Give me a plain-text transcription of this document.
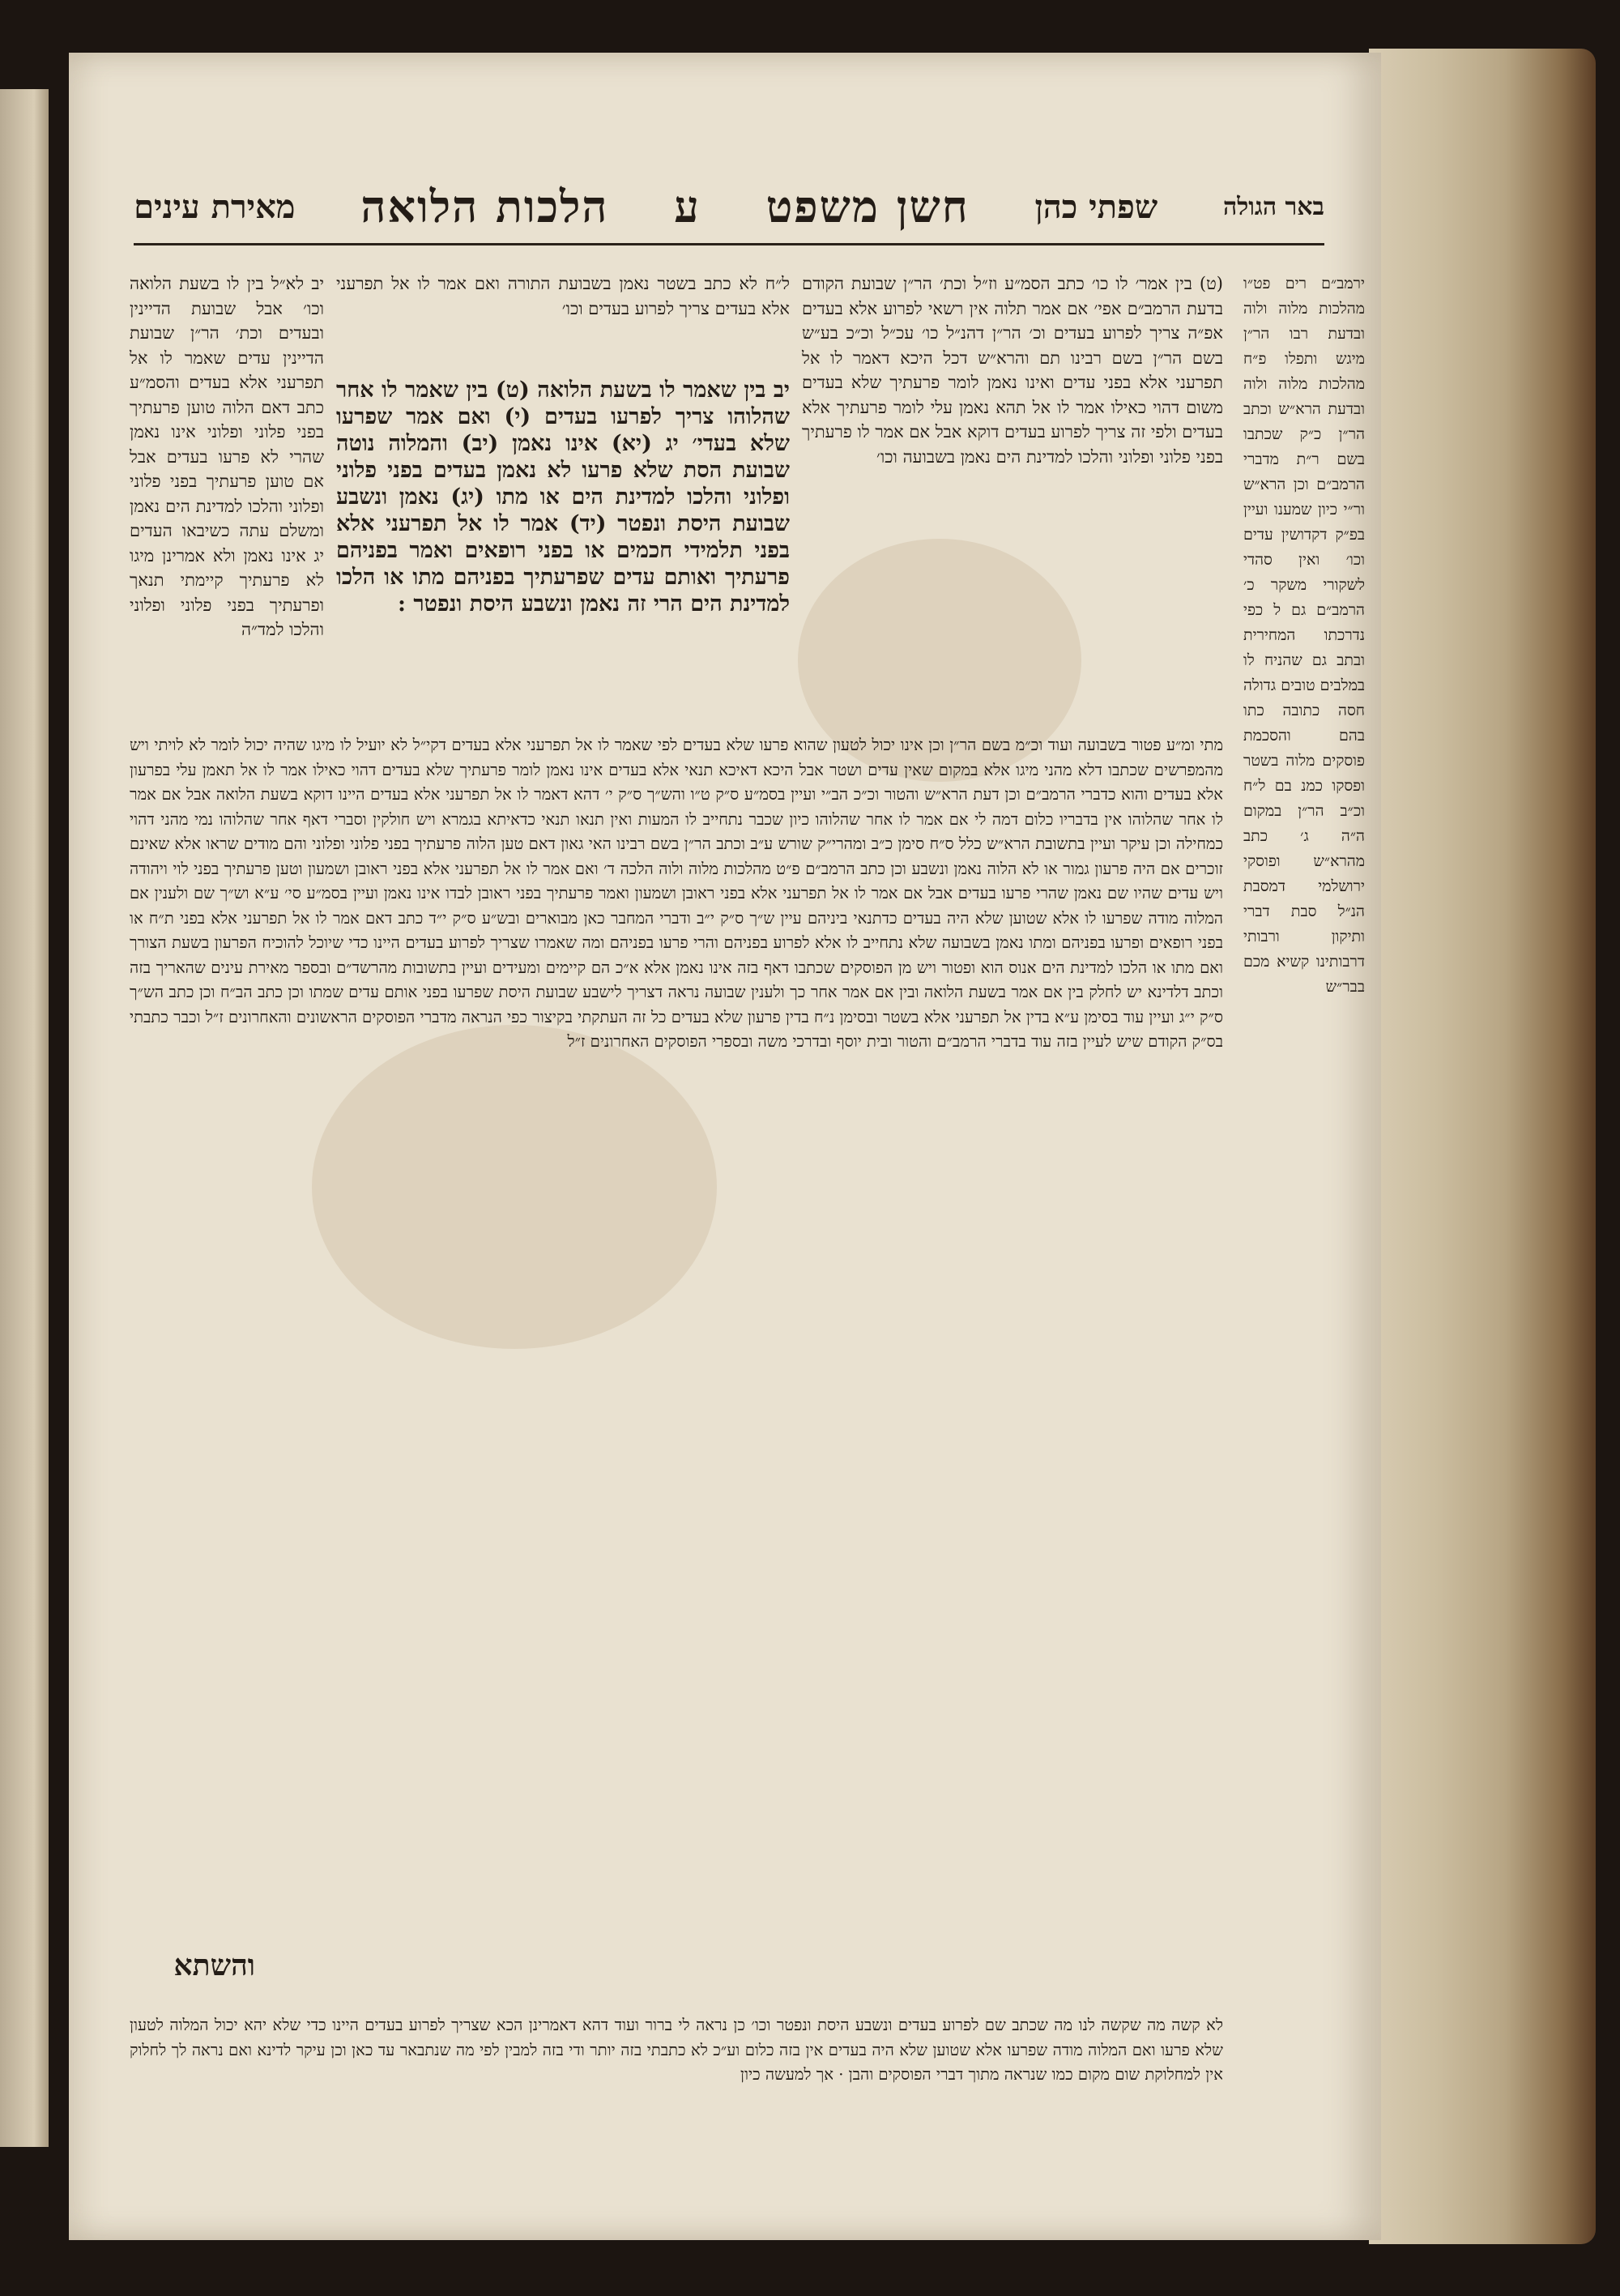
באר הגולה
שפתי כהן
חשן משפט
ע
הלכות הלואה
מאירת עינים
ירמב״ם רים פט״ו מהלכות מלוה ולוה ובדעת רבו הר״ן מיגש ותפלו פ״ח מהלכות מלוה ולוה ובדעת הרא״ש וכתב הר״ן כ״ק שכתבו בשם ר״ת מדברי הרמב״ם וכן הרא״ש ור״י כיון שמענו ועיין בפ״ק דקדושין עדים וכו׳ ואין סהדי לשקורי משקר כ׳ הרמב״ם גם ל כפי נדרכתו המחירית ובתב גם שהניח לו במלבים טובים גדולה חסה כתובה כתו בהם והסכמת פוסקים מלוה בשטר ופסקו כמנ בם ל״ח וכ״ב הר״ן במקום ה״ה ג׳ כתב מהרא״ש ופוסקי ירושלמי דמסבת הנ״ל סבת דברי ותיקון ורבותי דרבותינו קשיא מכם בבר״ש
(ט) בין אמר׳ לו כו׳ כתב הסמ״ע וז״ל וכת׳ הר״ן שבועת הקודם בדעת הרמב״ם אפי׳ אם אמר תלוה אין רשאי לפרוע אלא בעדים אפ״ה צריך לפרוע בעדים וכ׳ הר״ן דהנ״ל כו׳ עכ״ל וכ״כ בע״ש בשם הר״ן בשם רבינו תם והרא״ש דכל היכא דאמר לו אל תפרעני אלא בפני עדים ואינו נאמן לומר פרעתיך שלא בעדים משום דהוי כאילו אמר לו אל תהא נאמן עלי לומר פרעתיך אלא בעדים ולפי זה צריך לפרוע בעדים דוקא אבל אם אמר לו פרעתיך בפני פלוני ופלוני והלכו למדינת הים נאמן בשבועה וכו׳
ל״ח לא כתב בשטר נאמן בשבועת התורה ואם אמר לו אל תפרעני אלא בעדים צריך לפרוע בעדים וכו׳
יב בין שאמר לו בשעת הלואה (ט) בין שאמר לו אחר שהלוהו צריך לפרעו בעדים (י) ואם אמר שפרעו שלא בעדי׳ יג (יא) אינו נאמן (יב) והמלוה נוטה שבועת הסת שלא פרעו לא נאמן בעדים בפני פלוני ופלוני והלכו למדינת הים או מתו (יג) נאמן ונשבע שבועת היסת ונפטר (יד) אמר לו אל תפרעני אלא בפני תלמידי חכמים או בפני רופאים ואמר בפניהם פרעתיך ואותם עדים שפרעתיך בפניהם מתו או הלכו למדינת הים הרי זה נאמן ונשבע היסת ונפטר :
יב לא״ל בין לו בשעת הלואה וכו׳ אבל שבועת הדיינין ובעדים וכת׳ הר״ן שבועת הדיינין עדים שאמר לו אל תפרעני אלא בעדים והסמ״ע כתב דאם הלוה טוען פרעתיך בפני פלוני ופלוני אינו נאמן שהרי לא פרעו בעדים אבל אם טוען פרעתיך בפני פלוני ופלוני והלכו למדינת הים נאמן ומשלם עתה כשיבאו העדים יג אינו נאמן ולא אמרינן מיגו לא פרעתיך קיימתי תנאך ופרעתיך בפני פלוני ופלוני והלכו למד״ה
מתי ומ״ע פטור בשבועה ועוד וכ״מ בשם הר״ן וכן אינו יכול לטעון שהוא פרעו שלא בעדים לפי שאמר לו אל תפרעני אלא בעדים דקי״ל לא יועיל לו מיגו שהיה יכול לומר לא לויתי ויש מהמפרשים שכתבו דלא מהני מיגו אלא במקום שאין עדים ושטר אבל היכא דאיכא תנאי אלא בעדים אינו נאמן לומר פרעתיך שלא בעדים דהוי כאילו אמר לו אל תאמן עלי בפרעון אלא בעדים והוא כדברי הרמב״ם וכן דעת הרא״ש והטור וכ״כ הב״י ועיין בסמ״ע ס״ק ט״ו והש״ך ס״ק י׳ דהא דאמר לו אל תפרעני אלא בעדים היינו דוקא בשעת הלואה אבל אם אמר לו אחר שהלוהו אין בדבריו כלום דמה לי אם אמר לו אחר שהלוהו כיון שכבר נתחייב לו המעות ואין תנאו תנאי כדאיתא בגמרא ויש חולקין וסברי דאף אחר שהלוהו נמי מהני דהוי כמחילה וכן עיקר ועיין בתשובת הרא״ש כלל ס״ח סימן כ״ב ומהרי״ק שורש ע״ב וכתב הר״ן בשם רבינו האי גאון דאם טען הלוה פרעתיך בפני פלוני ופלוני והם מודים שראו אלא שאינם זוכרים אם היה פרעון גמור או לא הלוה נאמן ונשבע וכן כתב הרמב״ם פ״ט מהלכות מלוה ולוה הלכה ד׳ ואם אמר לו אל תפרעני אלא בפני ראובן ושמעון וטען פרעתיך בפני לוי ויהודה ויש עדים שהיו שם נאמן שהרי פרעו בעדים אבל אם אמר לו אל תפרעני אלא בפני ראובן ושמעון ואמר פרעתיך בפני ראובן לבדו אינו נאמן ועיין בסמ״ע סי׳ ע״א וש״ך שם ולענין אם המלוה מודה שפרעו לו אלא שטוען שלא היה בעדים כדתנאי ביניהם עיין ש״ך ס״ק י״ב ודברי המחבר כאן מבוארים ובש״ע ס״ק י״ד כתב דאם אמר לו אל תפרעני אלא בפני ת״ח או בפני רופאים ופרעו בפניהם ומתו נאמן בשבועה שלא נתחייב לו אלא לפרוע בפניהם והרי פרעו בפניהם ומה שאמרו שצריך לפרוע בעדים היינו כדי שיוכל להוכיח הפרעון בשעת הצורך ואם מתו או הלכו למדינת הים אנוס הוא ופטור ויש מן הפוסקים שכתבו דאף בזה אינו נאמן אלא א״כ הם קיימים ומעידים ועיין בתשובות מהרשד״ם ובספר מאירת עינים שהאריך בזה וכתב דלדינא יש לחלק בין אם אמר בשעת הלואה ובין אם אמר אחר כך ולענין שבועה נראה דצריך לישבע שבועת היסת שפרעו בפני אותם עדים שמתו וכן כתב הב״ח וכן כתב הש״ך ס״ק י״ג ועיין עוד בסימן ע״א בדין אל תפרעני אלא בשטר ובסימן נ״ח בדין פרעון שלא בעדים כל זה העתקתי בקיצור כפי הנראה מדברי הפוסקים הראשונים והאחרונים ז״ל וכבר כתבתי בס״ק הקודם שיש לעיין בזה עוד בדברי הרמב״ם והטור ובית יוסף ובדרכי משה ובספרי הפוסקים האחרונים ז״ל
והשתא
לא קשה מה שקשה לנו מה שכתב שם לפרוע בעדים ונשבע היסת ונפטר וכו׳ כן נראה לי ברור ועוד דהא דאמרינן הכא שצריך לפרוע בעדים היינו כדי שלא יהא יכול המלוה לטעון שלא פרעו ואם המלוה מודה שפרעו אלא שטוען שלא היה בעדים אין בזה כלום וע״כ לא כתבתי בזה יותר ודי בזה למבין לפי מה שנתבאר עד כאן וכן עיקר לדינא ואם נראה לך לחלוק אין למחלוקת שום מקום כמו שנראה מתוך דברי הפוסקים והבן · אך למעשה כיון
